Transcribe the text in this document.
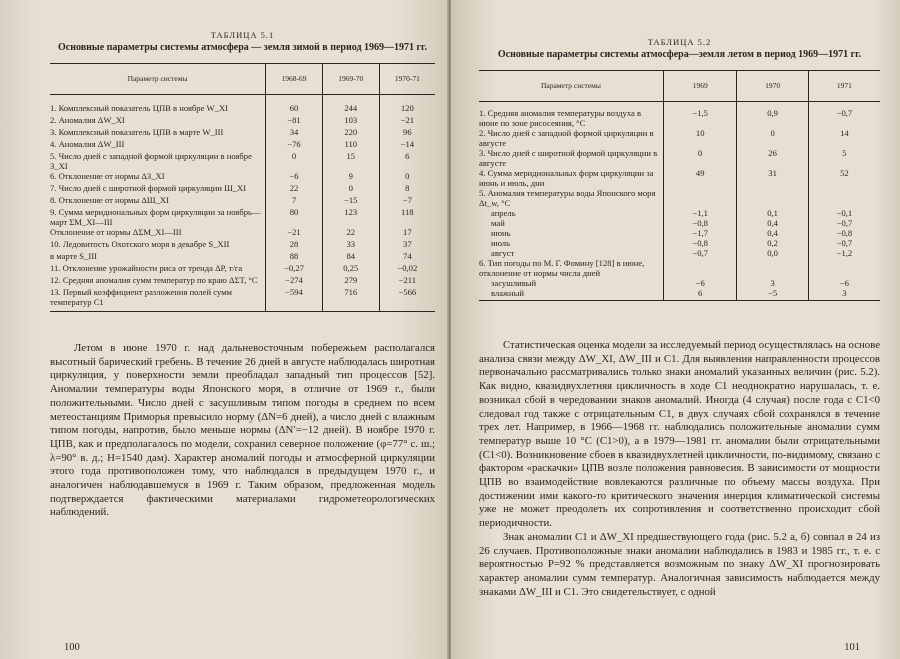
ТАБЛИЦА 5.1
Основные параметры системы атмосфера — земля зимой в период 1969—1971 гг.
Параметр системы	1968-69	1969-70	1970-71
1. Комплексный показатель ЦПВ в ноябре W_XI	60	244	120
2. Аномалия ΔW_XI	−81	103	−21
3. Комплексный показатель ЦПВ в марте W_III	34	220	96
4. Аномалия ΔW_III	−76	110	−14
5. Число дней с западной формой циркуляции в ноябре З_XI	0	15	6
6. Отклонение от нормы ΔЗ_XI	−6	9	0
7. Число дней с широтной формой циркуляции Ш_XI	22	0	8
8. Отклонение от нормы ΔШ_XI	7	−15	−7
9. Сумма меридиональных форм циркуляции за ноябрь—март ΣМ_XI—III	80	123	118
Отклонение от нормы ΔΣМ_XI—III	−21	22	17
10. Ледовитость Охотского моря в декабре S_XII	28	33	37
в марте S_III	88	84	74
11. Отклонение урожайности риса от тренда ΔP, т/га	−0,27	0,25	−0,02
12. Средняя аномалия сумм температур по краю ΔΣT, °C	−274	279	−211
13. Первый коэффициент разложения полей сумм температур C1	−594	716	−566

Летом в июне 1970 г. над дальневосточным побережьем располагался высотный барический гребень. В течение 26 дней в августе наблюдалась широтная циркуляция, у поверхности земли преобладал западный тип процессов [52]. Аномалии температуры воды Японского моря, в отличие от 1969 г., были положительными. Число дней с засушливым типом погоды в среднем по всем метеостанциям Приморья превысило норму (ΔN=6 дней), а число дней с влажным типом погоды, напротив, было меньше нормы (ΔN′=−12 дней). В ноябре 1970 г. ЦПВ, как и предполагалось по модели, сохранил северное положение (φ=77° с. ш.; λ=90° в. д.; H=1540 дам). Характер аномалий погоды и атмосферной циркуляции этого года противоположен тому, что наблюдался в предыдущем 1970 г., и аналогичен наблюдавшемуся в 1969 г. Таким образом, предложенная модель подтверждается фактическими материалами гидрометеорологических наблюдений.

100
ТАБЛИЦА 5.2
Основные параметры системы атмосфера—земля летом в период 1969—1971 гг.
Параметр системы	1969	1970	1971
1. Средняя аномалия температуры воздуха в июне по зоне рисосеяния, °C	−1,5	0,9	−0,7
2. Число дней с западной формой циркуляции в августе	10	0	14
3. Число дней с широтной формой циркуляции в августе	0	26	5
4. Сумма меридиональных форм циркуляции за июнь и июль, дни	49	31	52
5. Аномалия температуры воды Японского моря Δt_w, °C			
апрель	−1,1	0,1	−0,1
май	−0,8	0,4	−0,7
июнь	−1,7	0,4	−0,8
июль	−0,8	0,2	−0,7
август	−0,7	0,0	−1,2
6. Тип погоды по М. Г. Фомину [128] в июне, отклонение от нормы числа дней			
засушливый	−6	3	−6
влажный	6	−5	3

Статистическая оценка модели за исследуемый период осуществлялась на основе анализа связи между ΔW_XI, ΔW_III и C1. Для выявления направленности процессов первоначально рассматривались только знаки аномалий указанных величин (рис. 5.2). Как видно, квазидвухлетняя цикличность в ходе C1 неоднократно нарушалась, т. е. возникал сбой в чередовании знаков аномалий. Иногда (4 случая) после года с C1<0 следовал год также с отрицательным C1, в двух случаях сбой сохранялся в течение трех лет. Например, в 1966—1968 гг. наблюдались положительные аномалии сумм температур выше 10 °C (C1>0), а в 1979—1981 гг. аномалии были отрицательными (C1<0). Возникновение сбоев в квазидвухлетней цикличности, по-видимому, связано с фактором «раскачки» ЦПВ возле положения равновесия. В зависимости от мощности ЦПВ во взаимодействие вовлекаются различные по объему массы воздуха. При достижении ими какого-то критического значения инерция климатической системы уже не может преодолеть их сопротивления и соответственно происходит сбой периодичности.

Знак аномалии C1 и ΔW_XI предшествующего года (рис. 5.2 а, б) совпал в 24 из 26 случаев. Противоположные знаки аномалии наблюдались в 1983 и 1985 гг., т. е. с вероятностью P=92 % представляется возможным по знаку ΔW_XI прогнозировать характер аномалии сумм температур. Аналогичная зависимость наблюдается между знаками ΔW_III и C1. Это свидетельствует, с одной

101
